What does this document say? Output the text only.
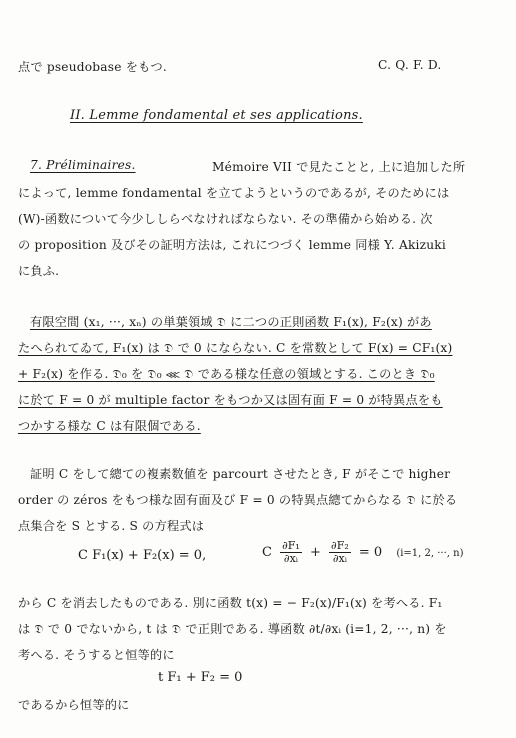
点で pseudobase をもつ.	C. Q. F. D.
II. Lemme fondamental et ses applications.
7. Préliminaires.	Mémoire VII で見たことと, 上に追加した所
によって, lemme fondamental を立てようというのであるが, そのためには
(W)-函数について今少ししらべなければならない. その準備から始める. 次
の proposition 及びその証明方法は, これにつづく lemme 同様 Y. Akizuki
に負ふ.
有限空間 (x₁, ···, xₙ) の単葉領域 𝔇 に二つの正則函数 F₁(x), F₂(x) があ
たへられてゐて, F₁(x) は 𝔇 で 0 にならない. C を常数として F(x) = CF₁(x)
+ F₂(x) を作る. 𝔇₀ を 𝔇₀ ⋘ 𝔇 である様な任意の領域とする. このとき 𝔇₀
に於て F = 0 が multiple factor をもつか又は固有面 F = 0 が特異点をも
つかする様な C は有限個である.
証明 C をして總ての複素数値を parcourt させたとき, F がそこで higher
order の zéros をもつ様な固有面及び F = 0 の特異点總てからなる 𝔇 に於る
点集合を S とする. S の方程式は
C F₁(x) + F₂(x) = 0,	C $\frac{\text{∂F₁}}{\text{∂xᵢ}} + \frac{\text{∂F₂}}{\text{∂xᵢ}} = 0$ (i=1, 2, ···, n)
から C を消去したものである. 別に函数 t(x) = − F₂(x)/F₁(x) を考へる. F₁
は 𝔇 で 0 でないから, t は 𝔇 で正則である. 導函数 ∂t/∂xᵢ (i=1, 2, ···, n) を
考へる. そうすると恒等的に
t F₁ + F₂ = 0
であるから恒等的に
